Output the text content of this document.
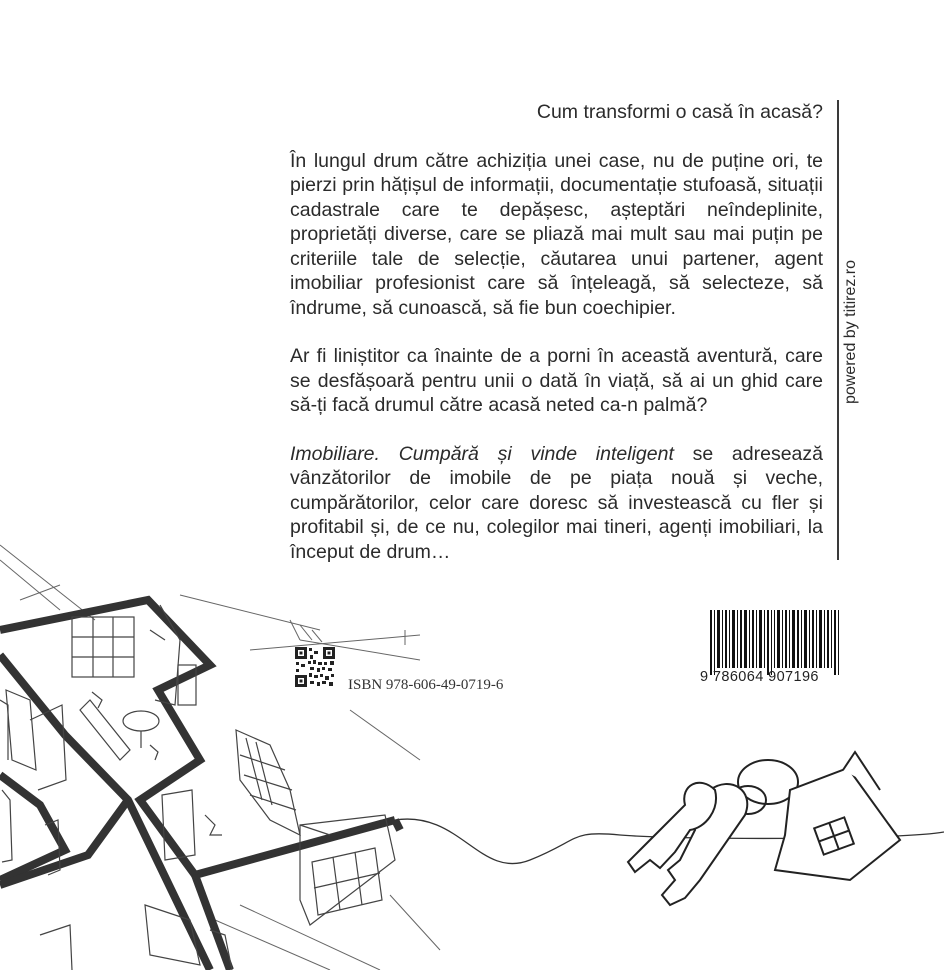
Cum transformi o casă în acasă?

În lungul drum către achiziția unei case, nu de puține ori, te pierzi prin hățișul de informații, documentație stufoasă, situații cadastrale care te depășesc, așteptări neîndeplinite, proprietăți diverse, care se pliază mai mult sau mai puțin pe criteriile tale de selecție, căutarea unui partener, agent imobiliar profesionist care să înțeleagă, să selecteze, să îndrume, să cunoască, să fie bun coechipier.

Ar fi liniștitor ca înainte de a porni în această aventură, care se desfășoară pentru unii o dată în viață, să ai un ghid care să-ți facă drumul către acasă neted ca-n palmă?

Imobiliare. Cumpără și vinde inteligent se adresează vânzătorilor de imobile de pe piața nouă și veche, cumpărătorilor, celor care doresc să investească cu fler și profitabil și, de ce nu, colegilor mai tineri, agenți imobiliari, la început de drum…

powered by titirez.ro
ISBN 978-606-49-0719-6	9 786064 907196
